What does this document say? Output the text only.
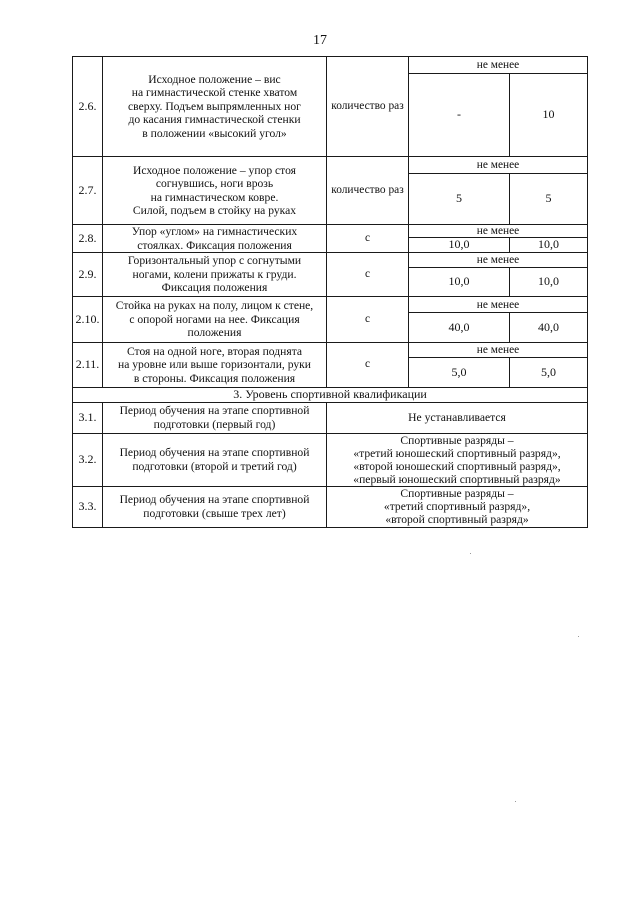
17
2.6.	Исходное положение – вис
на гимнастической стенке хватом
сверху. Подъем выпрямленных ног
до касания гимнастической стенки
в положении «высокий угол»	количество раз	не менее	
			-	10
2.7.	Исходное положение – упор стоя
согнувшись, ноги врозь
на гимнастическом ковре.
Силой, подъем в стойку на руках	количество раз	не менее	
			5	5
2.8.	Упор «углом» на гимнастических
стоялках. Фиксация положения	с	не менее	
			10,0	10,0
2.9.	Горизонтальный упор с согнутыми
ногами, колени прижаты к груди.
Фиксация положения	с	не менее	
			10,0	10,0
2.10.	Стойка на руках на полу, лицом к стене,
с опорой ногами на нее. Фиксация
положения	с	не менее	
			40,0	40,0
2.11.	Стоя на одной ноге, вторая поднята
на уровне или выше горизонтали, руки
в стороны. Фиксация положения	с	не менее	
			5,0	5,0
3. Уровень спортивной квалификации				
3.1.	Период обучения на этапе спортивной
подготовки (первый год)	Не устанавливается		

3.2.	Период обучения на этапе спортивной
подготовки (второй и третий год)	Спортивные разряды –
«третий юношеский спортивный разряд»,
«второй юношеский спортивный разряд»,
«первый юношеский спортивный разряд»		

3.3.	Период обучения на этапе спортивной
подготовки (свыше трех лет)	Спортивные разряды –
«третий спортивный разряд»,
«второй спортивный разряд»		
